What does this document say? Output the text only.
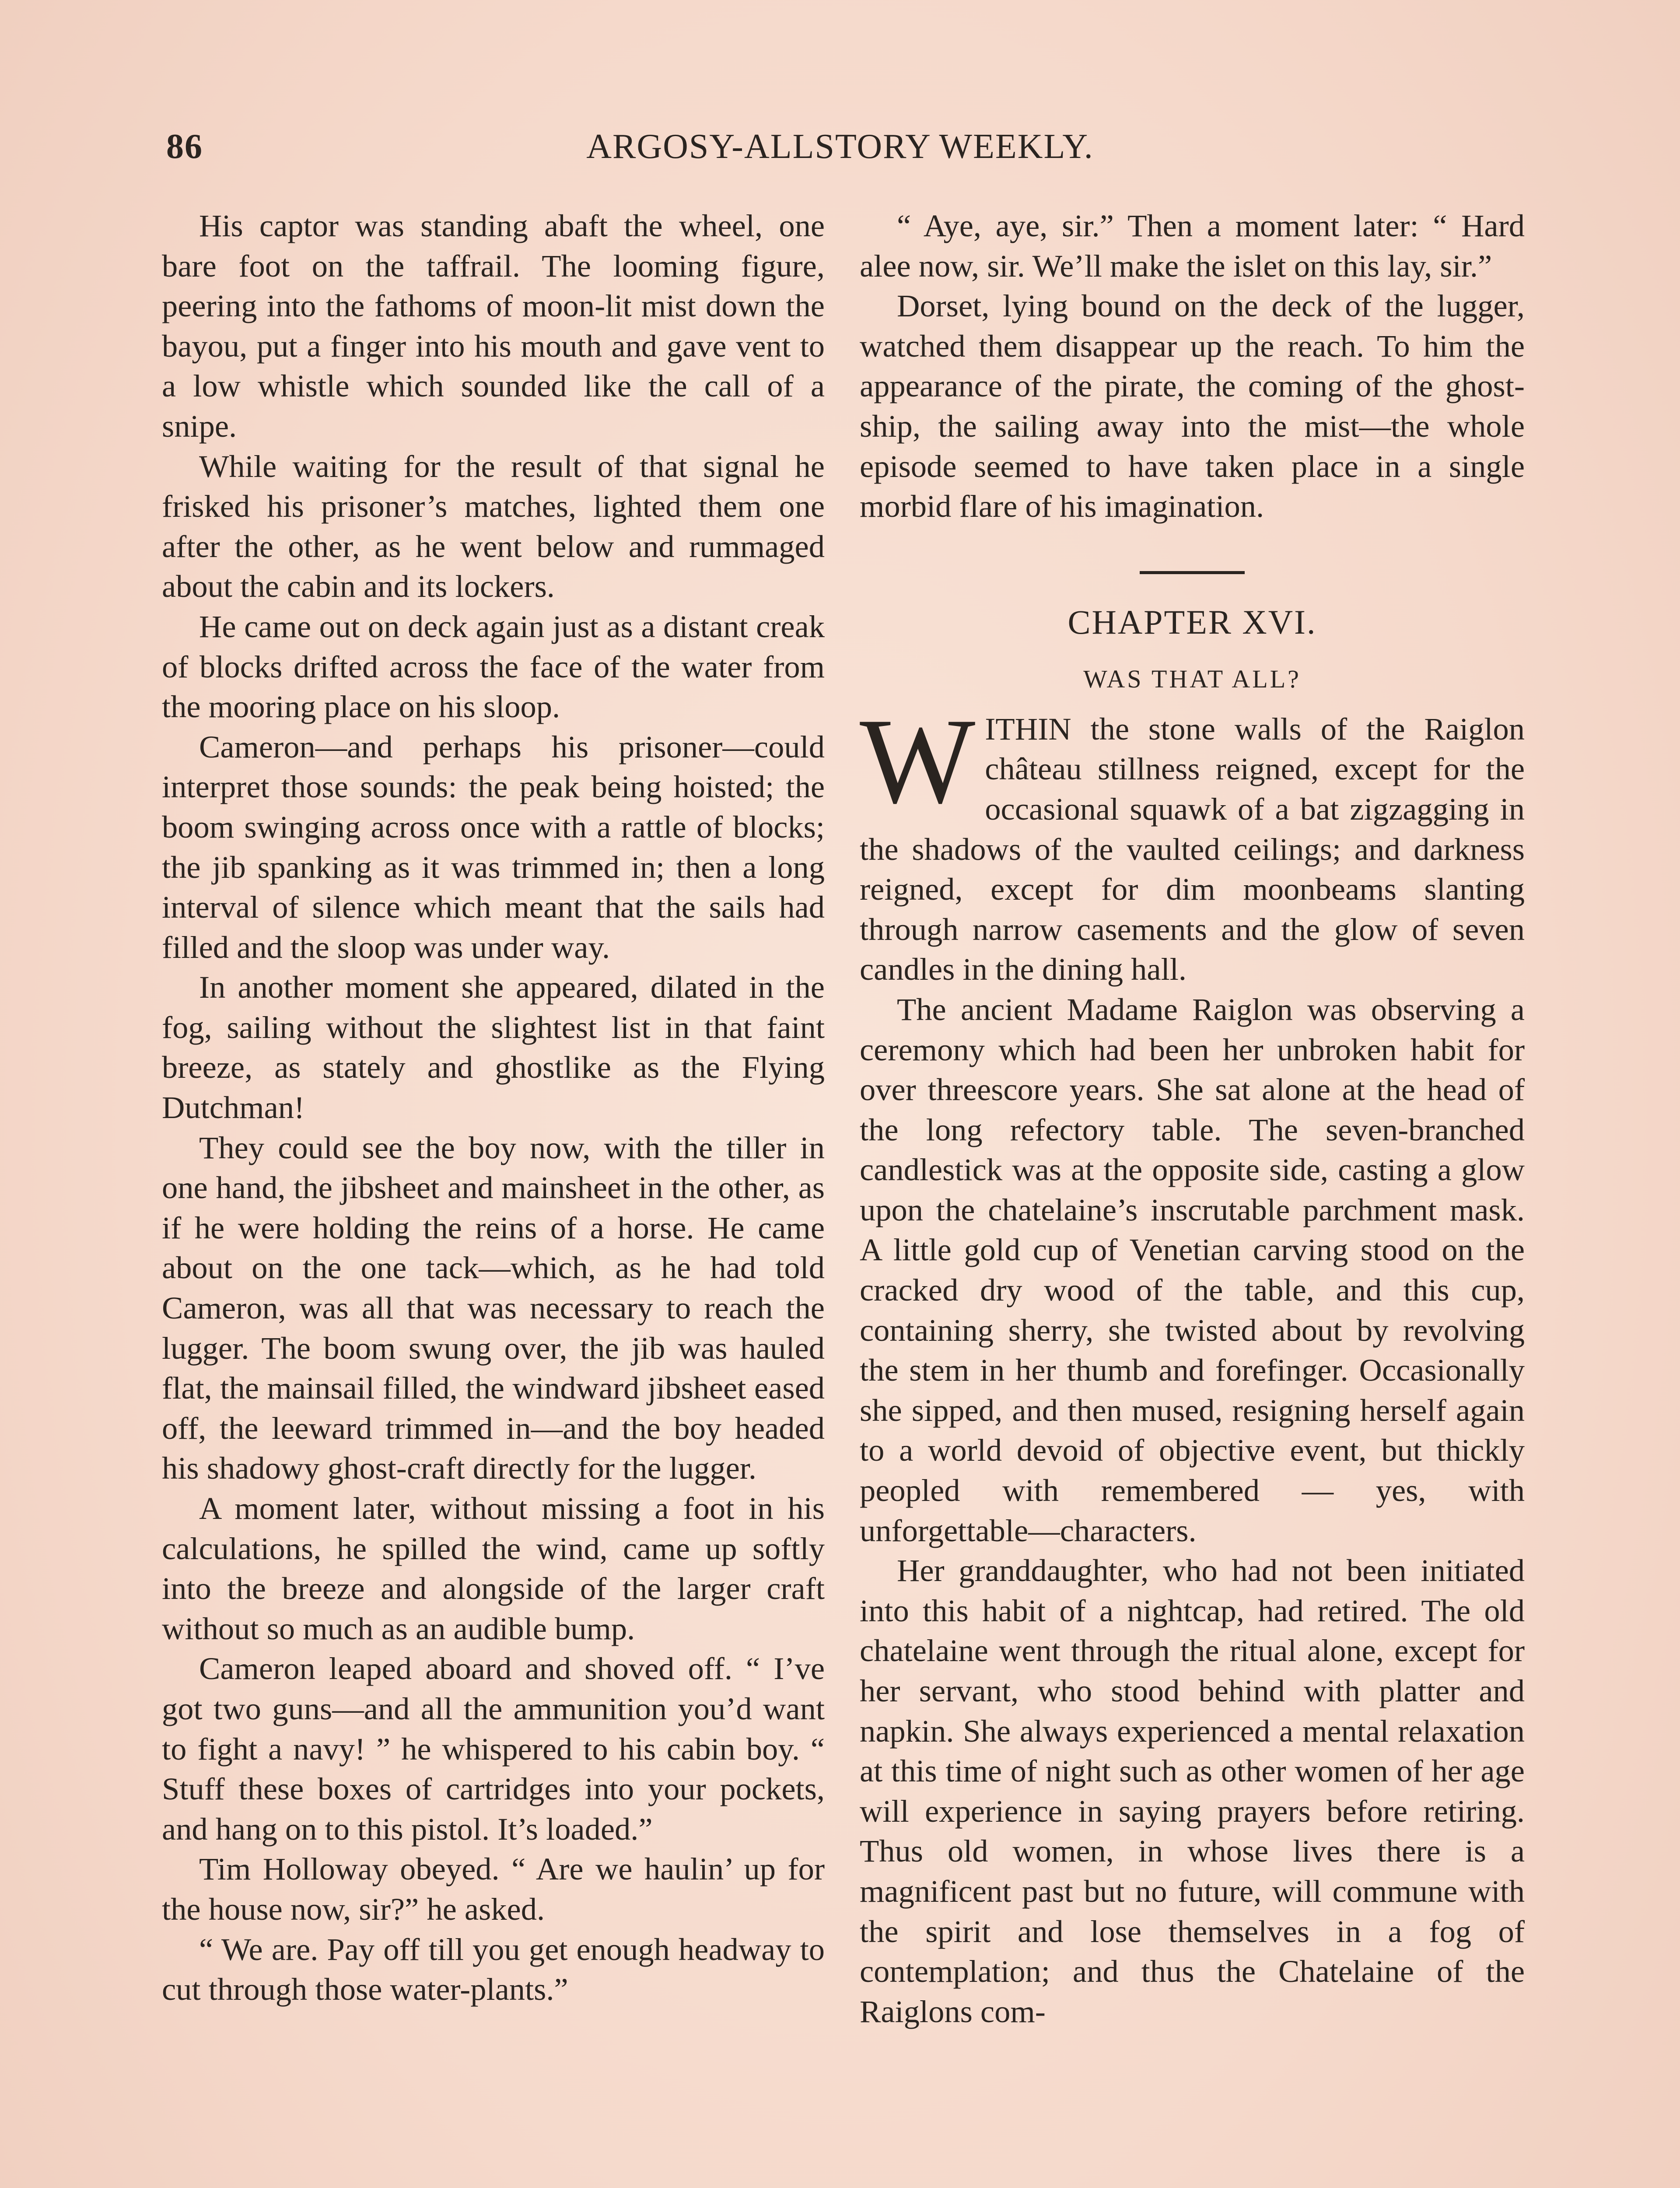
86	ARGOSY-ALLSTORY WEEKLY.

His captor was standing abaft the wheel, one bare foot on the taffrail. The looming figure, peering into the fathoms of moon-lit mist down the bayou, put a finger into his mouth and gave vent to a low whistle which sounded like the call of a snipe.

While waiting for the result of that signal he frisked his prisoner’s matches, lighted them one after the other, as he went below and rummaged about the cabin and its lockers.

He came out on deck again just as a distant creak of blocks drifted across the face of the water from the mooring place on his sloop.

Cameron—and perhaps his prisoner—could interpret those sounds: the peak being hoisted; the boom swinging across once with a rattle of blocks; the jib spanking as it was trimmed in; then a long interval of silence which meant that the sails had filled and the sloop was under way.

In another moment she appeared, dilated in the fog, sailing without the slightest list in that faint breeze, as stately and ghostlike as the Flying Dutchman!

They could see the boy now, with the tiller in one hand, the jibsheet and mainsheet in the other, as if he were holding the reins of a horse. He came about on the one tack—which, as he had told Cameron, was all that was necessary to reach the lugger. The boom swung over, the jib was hauled flat, the mainsail filled, the windward jibsheet eased off, the leeward trimmed in—and the boy headed his shadowy ghost-craft directly for the lugger.

A moment later, without missing a foot in his calculations, he spilled the wind, came up softly into the breeze and alongside of the larger craft without so much as an audible bump.

Cameron leaped aboard and shoved off. “ I’ve got two guns—and all the ammunition you’d want to fight a navy! ” he whispered to his cabin boy. “ Stuff these boxes of cartridges into your pockets, and hang on to this pistol. It’s loaded.”

Tim Holloway obeyed. “ Are we haulin’ up for the house now, sir?” he asked.

“ We are. Pay off till you get enough headway to cut through those water-plants.”

“ Aye, aye, sir.” Then a moment later: “ Hard alee now, sir. We’ll make the islet on this lay, sir.”

Dorset, lying bound on the deck of the lugger, watched them disappear up the reach. To him the appearance of the pirate, the coming of the ghost-ship, the sailing away into the mist—the whole episode seemed to have taken place in a single morbid flare of his imagination.

CHAPTER XVI.
WAS THAT ALL?

WITHIN the stone walls of the Raiglon château stillness reigned, except for the occasional squawk of a bat zigzagging in the shadows of the vaulted ceilings; and darkness reigned, except for dim moonbeams slanting through narrow casements and the glow of seven candles in the dining hall.

The ancient Madame Raiglon was observing a ceremony which had been her unbroken habit for over threescore years. She sat alone at the head of the long refectory table. The seven-branched candlestick was at the opposite side, casting a glow upon the chatelaine’s inscrutable parchment mask. A little gold cup of Venetian carving stood on the cracked dry wood of the table, and this cup, containing sherry, she twisted about by revolving the stem in her thumb and forefinger. Occasionally she sipped, and then mused, resigning herself again to a world devoid of objective event, but thickly peopled with remembered — yes, with unforgettable—characters.

Her granddaughter, who had not been initiated into this habit of a nightcap, had retired. The old chatelaine went through the ritual alone, except for her servant, who stood behind with platter and napkin. She always experienced a mental relaxation at this time of night such as other women of her age will experience in saying prayers before retiring. Thus old women, in whose lives there is a magnificent past but no future, will commune with the spirit and lose themselves in a fog of contemplation; and thus the Chatelaine of the Raiglons com-
